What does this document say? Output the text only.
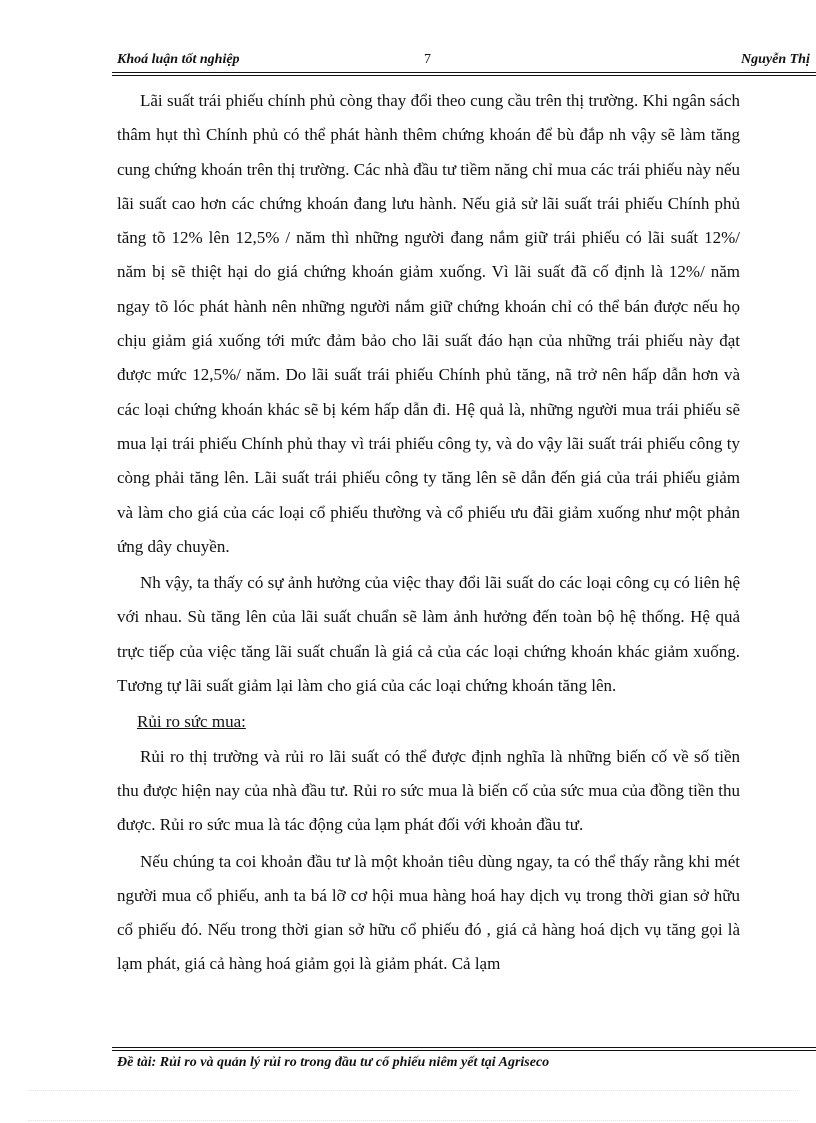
Khoá luận tốt nghiệp	7	Nguyễn Thị

Lãi suất trái phiếu chính phủ còng thay đổi theo cung cầu trên thị trường. Khi ngân sách thâm hụt thì Chính phủ có thể phát hành thêm chứng khoán để bù đắp nh vậy sẽ làm tăng cung chứng khoán trên thị trường. Các nhà đầu tư tiềm năng chỉ mua các trái phiếu này nếu lãi suất cao hơn các chứng khoán đang lưu hành. Nếu giả sử lãi suất trái phiếu Chính phủ tăng tõ 12% lên 12,5% / năm thì những người đang nắm giữ trái phiếu có lãi suất 12%/ năm bị sẽ thiệt hại do giá chứng khoán giảm xuống. Vì lãi suất đã cố định là 12%/ năm ngay tõ lóc phát hành nên những người nắm giữ chứng khoán chỉ có thể bán được nếu họ chịu giảm giá xuống tới mức đảm bảo cho lãi suất đáo hạn của những trái phiếu này đạt được mức 12,5%/ năm. Do lãi suất trái phiếu Chính phủ tăng, nã trở nên hấp dẫn hơn và các loại chứng khoán khác sẽ bị kém hấp dẫn đi. Hệ quả là, những người mua trái phiếu sẽ mua lại trái phiếu Chính phủ thay vì trái phiếu công ty, và do vậy lãi suất trái phiếu công ty còng phải tăng lên. Lãi suất trái phiếu công ty tăng lên sẽ dẫn đến giá của trái phiếu giảm và làm cho giá của các loại cổ phiếu thường và cổ phiếu ưu đãi giảm xuống như một phản ứng dây chuyền.

Nh vậy, ta thấy có sự ảnh hưởng của việc thay đổi lãi suất do các loại công cụ có liên hệ với nhau. Sù tăng lên của lãi suất chuẩn sẽ làm ảnh hưởng đến toàn bộ hệ thống. Hệ quả trực tiếp của việc tăng lãi suất chuẩn là giá cả của các loại chứng khoán khác giảm xuống. Tương tự lãi suất giảm lại làm cho giá của các loại chứng khoán tăng lên.

Rủi ro sức mua:

Rủi ro thị trường và rủi ro lãi suất có thể được định nghĩa là những biến cố về số tiền thu được hiện nay của nhà đầu tư. Rủi ro sức mua là biến cố của sức mua của đồng tiền thu được. Rủi ro sức mua là tác động của lạm phát đối với khoản đầu tư.

Nếu chúng ta coi khoản đầu tư là một khoản tiêu dùng ngay, ta có thể thấy rằng khi mét người mua cổ phiếu, anh ta bá lỡ cơ hội mua hàng hoá hay dịch vụ trong thời gian sở hữu cổ phiếu đó. Nếu trong thời gian sở hữu cổ phiếu đó , giá cả hàng hoá dịch vụ tăng gọi là lạm phát, giá cả hàng hoá giảm gọi là giảm phát. Cả lạm

Đề tài: Rủi ro và quản lý rủi ro trong đầu tư cổ phiếu niêm yết tại Agriseco
